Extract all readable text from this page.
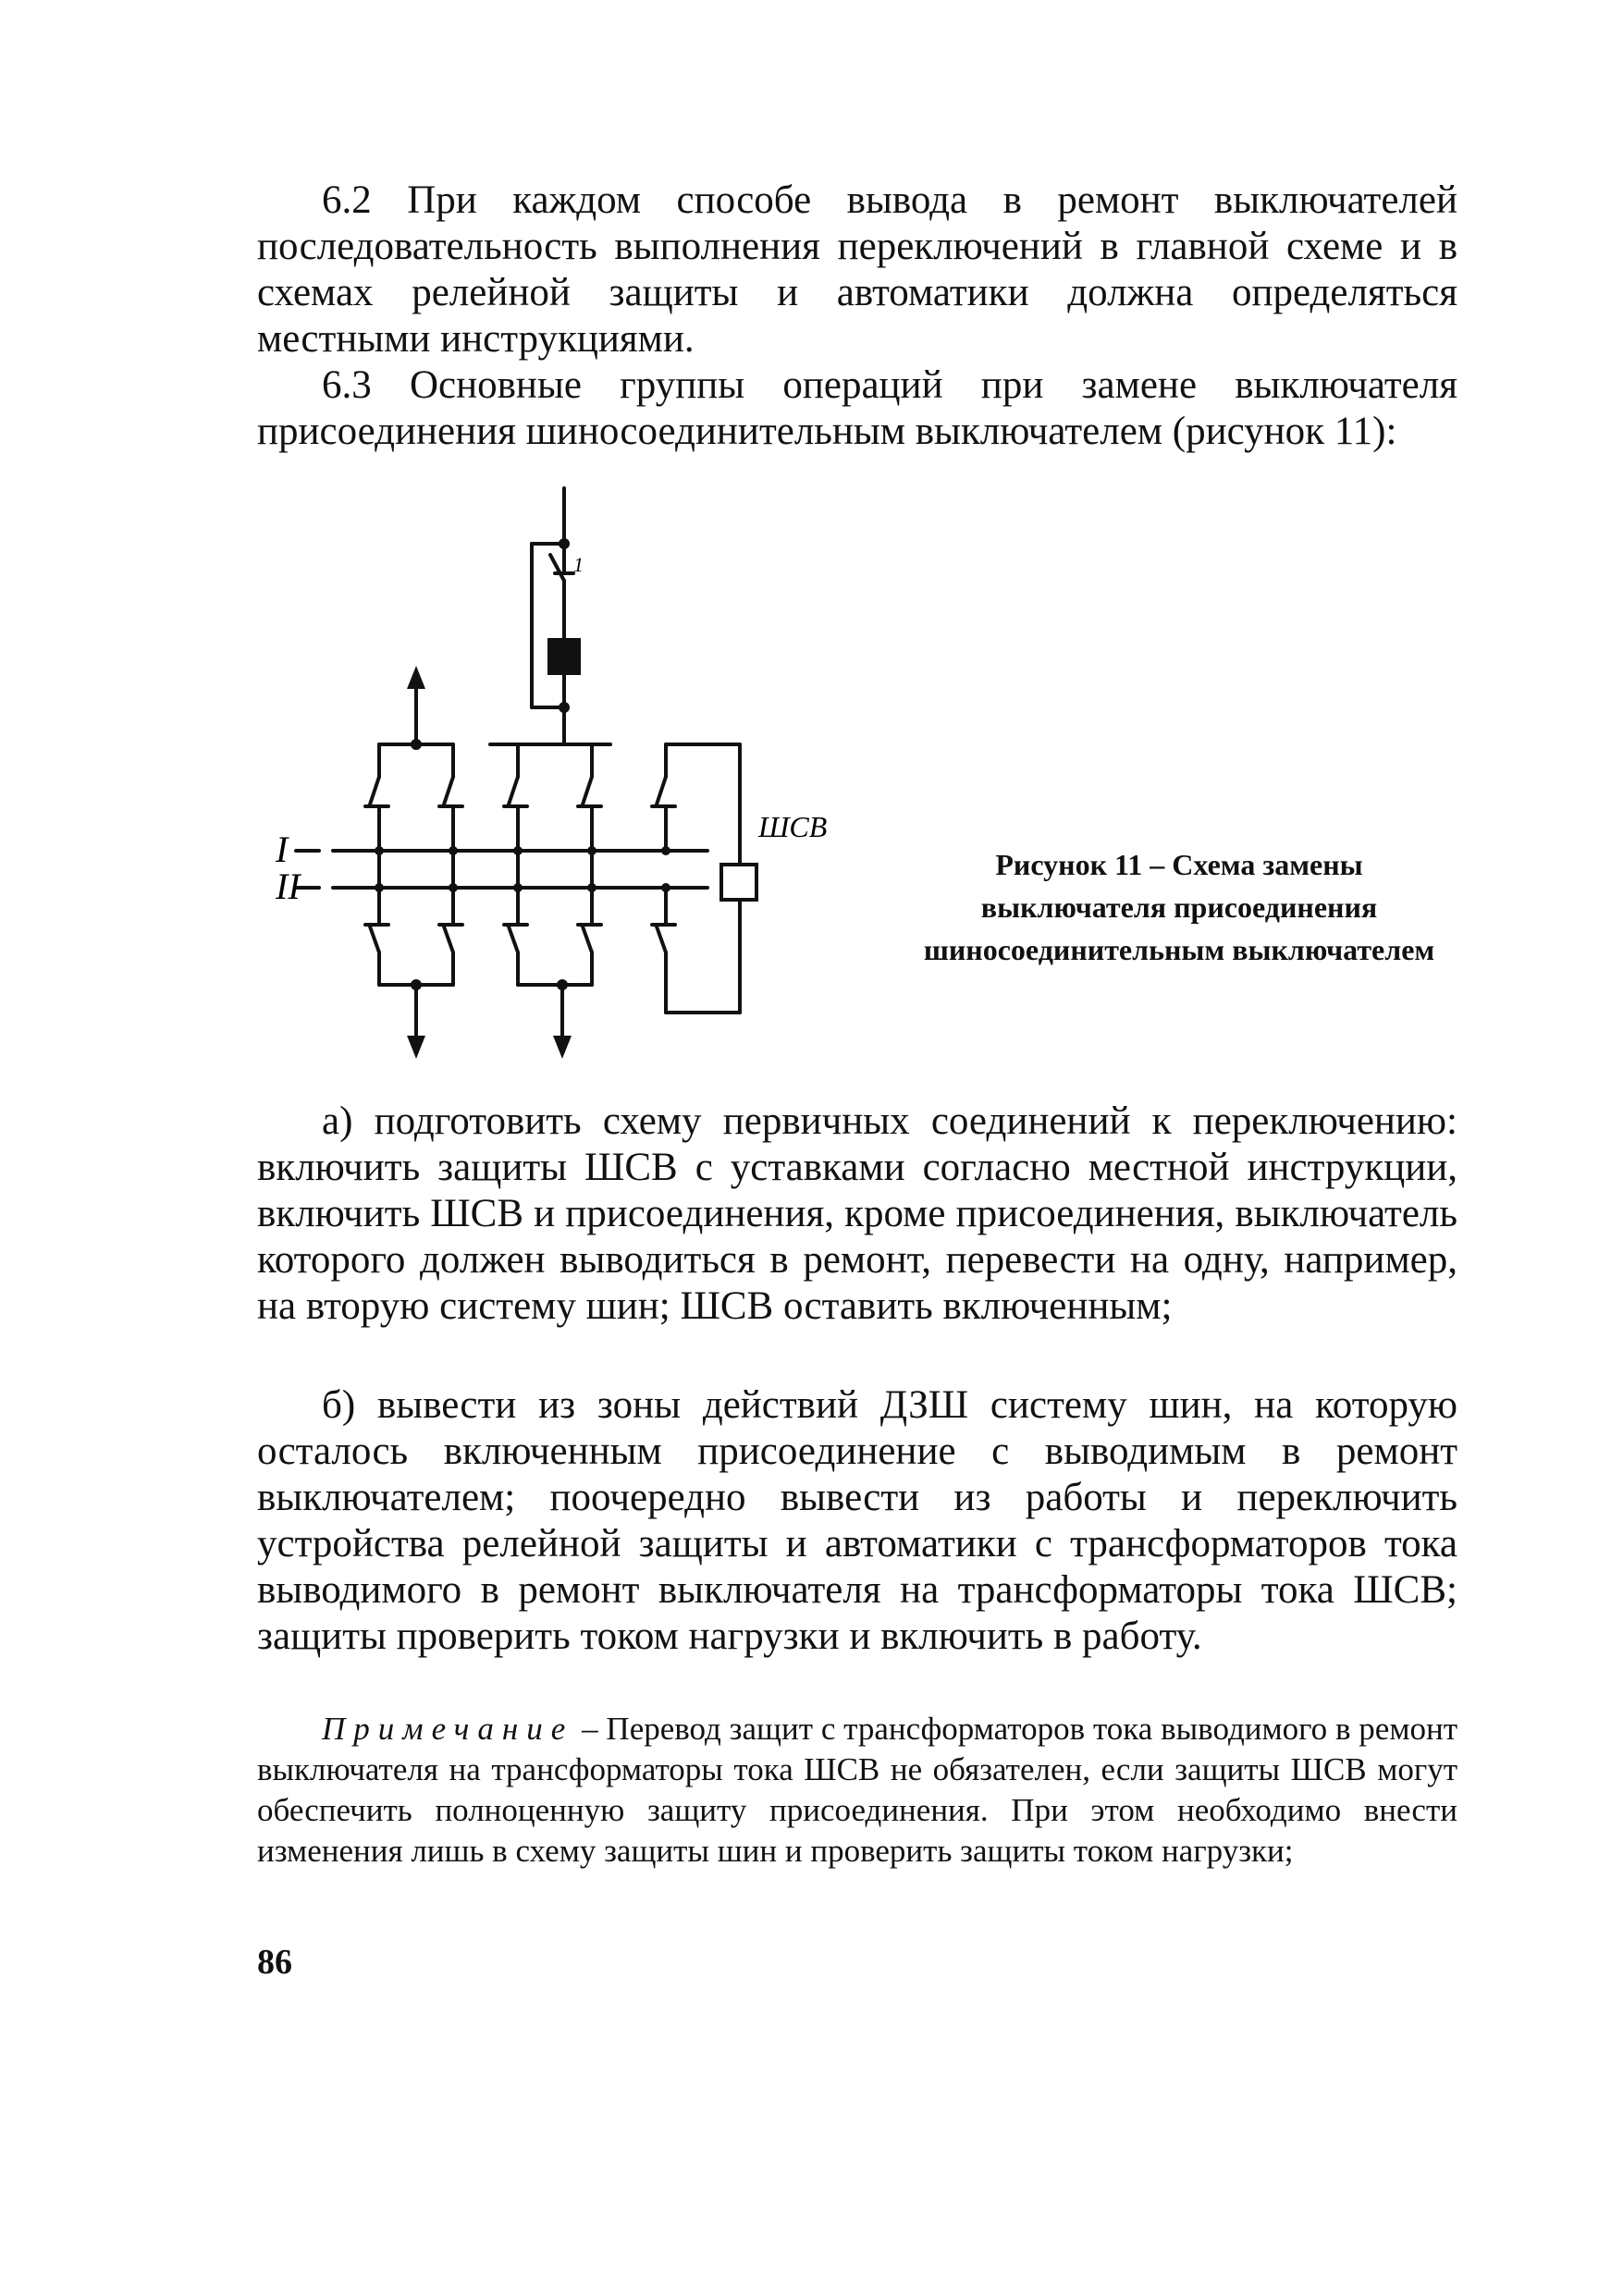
6.2 При каждом способе вывода в ремонт выключателей последовательность выполнения переключений в главной схеме и в схемах релейной защиты и автоматики должна определяться местными инструкциями.

6.3 Основные группы операций при замене выключателя присоединения шиносоединительным выключателем (рисунок 11):

I
II
ШСВ
1

Рисунок 11 – Схема замены выключателя присоединения шиносоединительным выключателем

а) подготовить схему первичных соединений к переключению: включить защиты ШСВ с уставками согласно местной инструкции, включить ШСВ и присоединения, кроме присоединения, выключатель которого должен выводиться в ремонт, перевести на одну, например, на вторую систему шин; ШСВ оставить включенным;

б) вывести из зоны действий ДЗШ систему шин, на которую осталось включенным присоединение с выводимым в ремонт выключателем; поочередно вывести из работы и переключить устройства релейной защиты и автоматики с трансформаторов тока выводимого в ремонт выключателя на трансформаторы тока ШСВ; защиты проверить током нагрузки и включить в работу.

Примечание – Перевод защит с трансформаторов тока выводимого в ремонт выключателя на трансформаторы тока ШСВ не обязателен, если защиты ШСВ могут обеспечить полноценную защиту присоединения. При этом необходимо внести изменения лишь в схему защиты шин и проверить защиты током нагрузки;

86
